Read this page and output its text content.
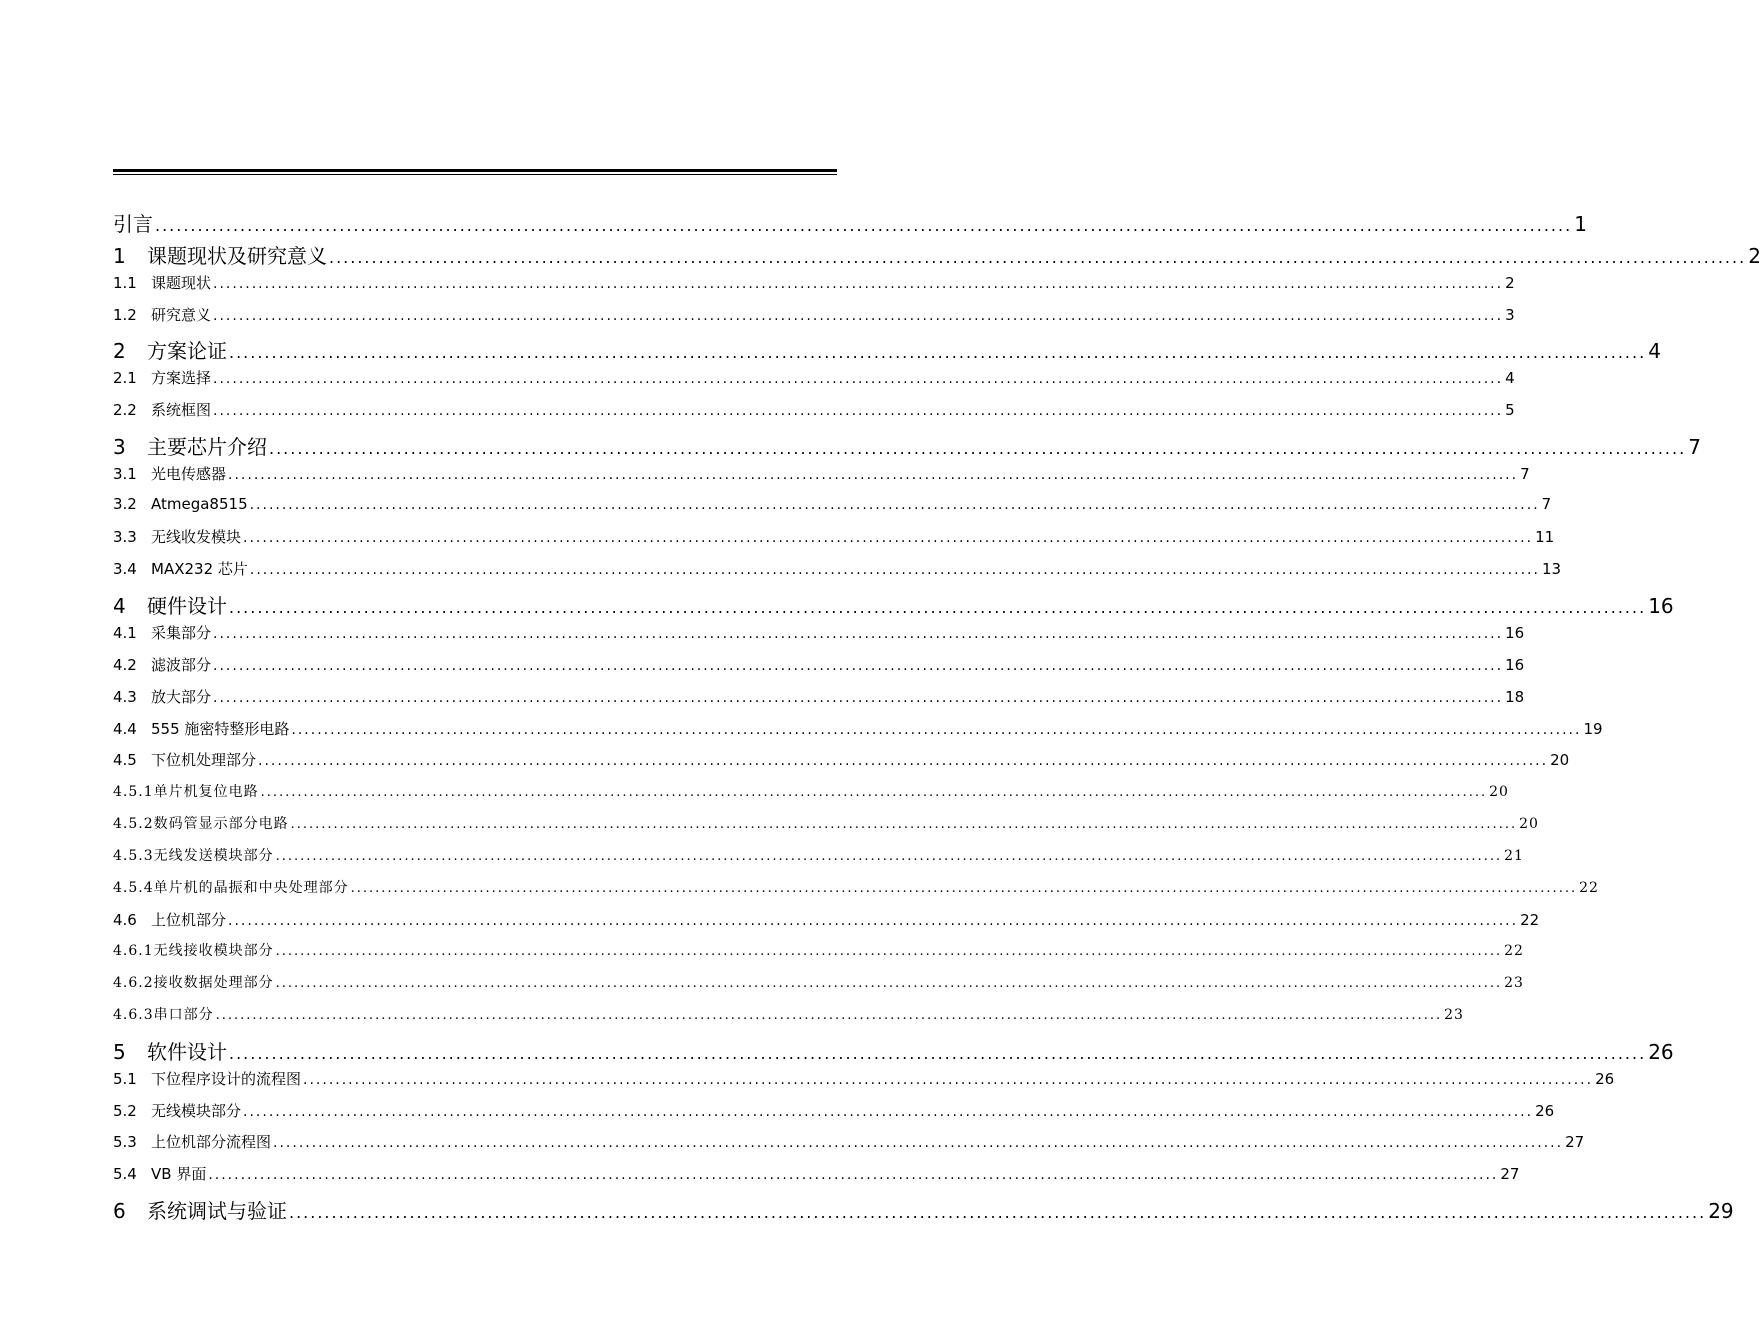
引言 ........................................................................................................................................................................................................ 1
1 课题现状及研究意义 ........................................................................................................................................................................................................ 2
1.1 课题现状 ........................................................................................................................................................................................................ 2
1.2 研究意义 ........................................................................................................................................................................................................ 3
2 方案论证 ........................................................................................................................................................................................................ 4
2.1 方案选择 ........................................................................................................................................................................................................ 4
2.2 系统框图 ........................................................................................................................................................................................................ 5
3 主要芯片介绍 ........................................................................................................................................................................................................ 7
3.1 光电传感器 ........................................................................................................................................................................................................ 7
3.2 Atmega8515 ........................................................................................................................................................................................................ 7
3.3 无线收发模块 ........................................................................................................................................................................................................ 11
3.4 MAX232 芯片 ........................................................................................................................................................................................................ 13
4 硬件设计 ........................................................................................................................................................................................................ 16
4.1 采集部分 ........................................................................................................................................................................................................ 16
4.2 滤波部分 ........................................................................................................................................................................................................ 16
4.3 放大部分 ........................................................................................................................................................................................................ 18
4.4 555 施密特整形电路 ........................................................................................................................................................................................................ 19
4.5 下位机处理部分 ........................................................................................................................................................................................................ 20
4.5.1单片机复位电路 ........................................................................................................................................................................................................ 20
4.5.2数码管显示部分电路 ........................................................................................................................................................................................................ 20
4.5.3无线发送模块部分 ........................................................................................................................................................................................................ 21
4.5.4单片机的晶振和中央处理部分 ........................................................................................................................................................................................................ 22
4.6 上位机部分 ........................................................................................................................................................................................................ 22
4.6.1无线接收模块部分 ........................................................................................................................................................................................................ 22
4.6.2接收数据处理部分 ........................................................................................................................................................................................................ 23
4.6.3串口部分 ........................................................................................................................................................................................................ 23
5 软件设计 ........................................................................................................................................................................................................ 26
5.1 下位程序设计的流程图 ........................................................................................................................................................................................................ 26
5.2 无线模块部分 ........................................................................................................................................................................................................ 26
5.3 上位机部分流程图 ........................................................................................................................................................................................................ 27
5.4 VB 界面 ........................................................................................................................................................................................................ 27
6 系统调试与验证 ........................................................................................................................................................................................................ 29
